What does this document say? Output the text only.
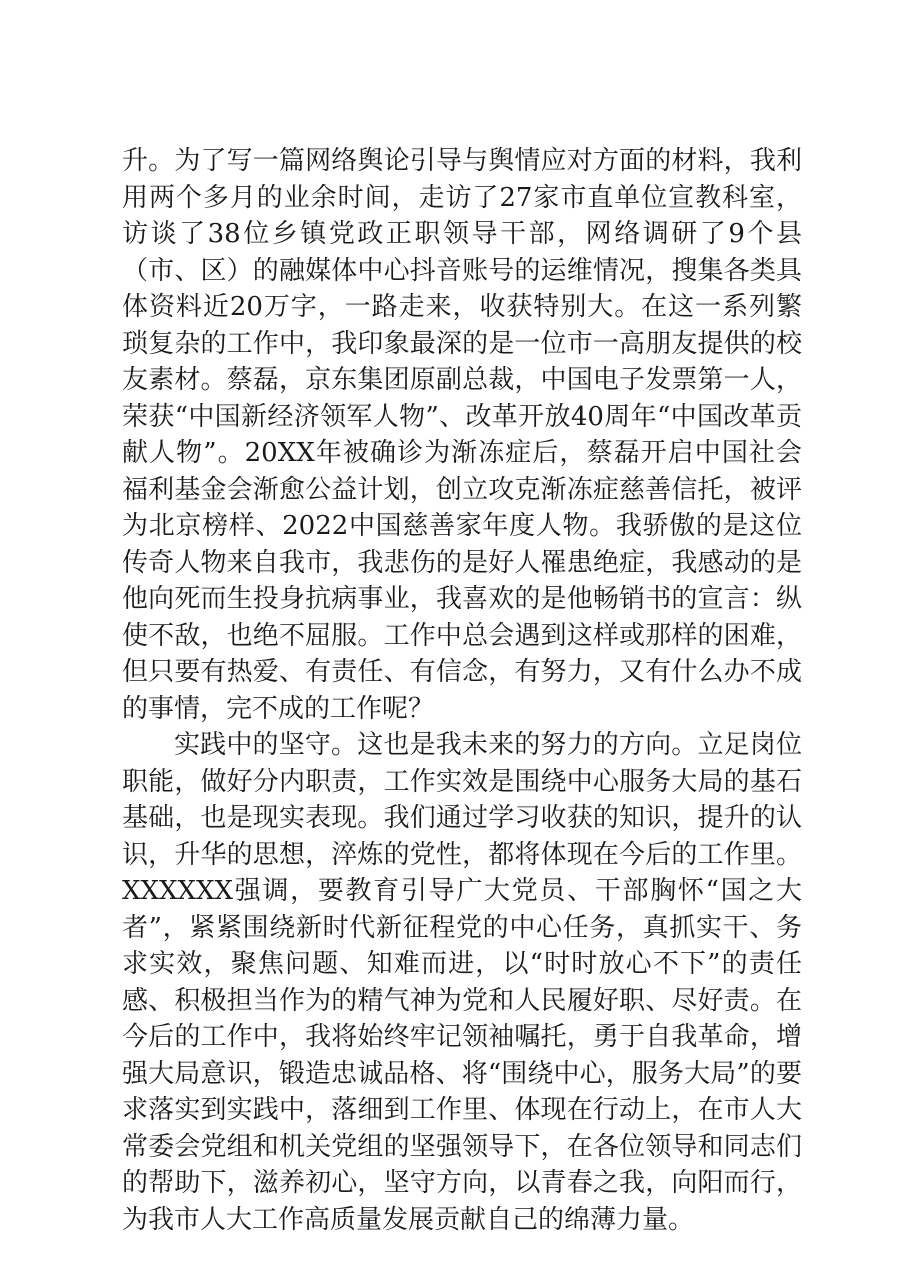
升。为了写一篇网络舆论引导与舆情应对方面的材料，我利用两个多月的业余时间，走访了27家市直单位宣教科室，访谈了38位乡镇党政正职领导干部，网络调研了9个县（市、区）的融媒体中心抖音账号的运维情况，搜集各类具体资料近20万字，一路走来，收获特别大。在这一系列繁琐复杂的工作中，我印象最深的是一位市一高朋友提供的校友素材。蔡磊，京东集团原副总裁，中国电子发票第一人，荣获“中国新经济领军人物”、改革开放40周年“中国改革贡献人物”。20XX年被确诊为渐冻症后，蔡磊开启中国社会福利基金会渐愈公益计划，创立攻克渐冻症慈善信托，被评为北京榜样、2022中国慈善家年度人物。我骄傲的是这位传奇人物来自我市，我悲伤的是好人罹患绝症，我感动的是他向死而生投身抗病事业，我喜欢的是他畅销书的宣言：纵使不敌，也绝不屈服。工作中总会遇到这样或那样的困难，但只要有热爱、有责任、有信念，有努力，又有什么办不成的事情，完不成的工作呢？

实践中的坚守。这也是我未来的努力的方向。立足岗位职能，做好分内职责，工作实效是围绕中心服务大局的基石基础，也是现实表现。我们通过学习收获的知识，提升的认识，升华的思想，淬炼的党性，都将体现在今后的工作里。XXXXXX强调，要教育引导广大党员、干部胸怀“国之大者”，紧紧围绕新时代新征程党的中心任务，真抓实干、务求实效，聚焦问题、知难而进，以“时时放心不下”的责任感、积极担当作为的精气神为党和人民履好职、尽好责。在今后的工作中，我将始终牢记领袖嘱托，勇于自我革命，增强大局意识，锻造忠诚品格、将“围绕中心，服务大局”的要求落实到实践中，落细到工作里、体现在行动上，在市人大常委会党组和机关党组的坚强领导下，在各位领导和同志们的帮助下，滋养初心，坚守方向，以青春之我，向阳而行，为我市人大工作高质量发展贡献自己的绵薄力量。
